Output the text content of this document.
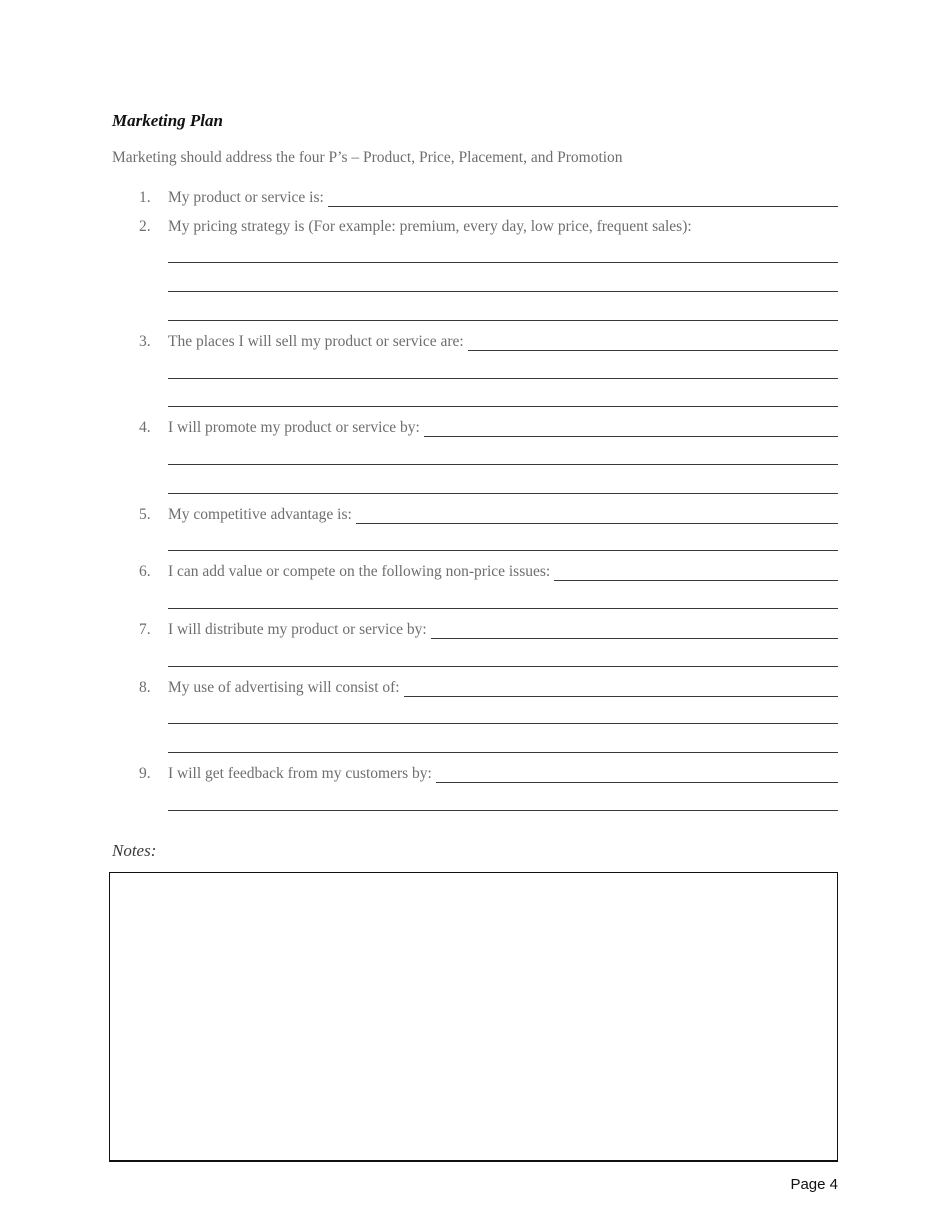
Marketing Plan

Marketing should address the four P’s – Product, Price, Placement, and Promotion

1. My product or service is:
2. My pricing strategy is (For example: premium, every day, low price, frequent sales):
3. The places I will sell my product or service are:
4. I will promote my product or service by:
5. My competitive advantage is:
6. I can add value or compete on the following non-price issues:
7. I will distribute my product or service by:
8. My use of advertising will consist of:
9. I will get feedback from my customers by:

Notes:

Page 4
